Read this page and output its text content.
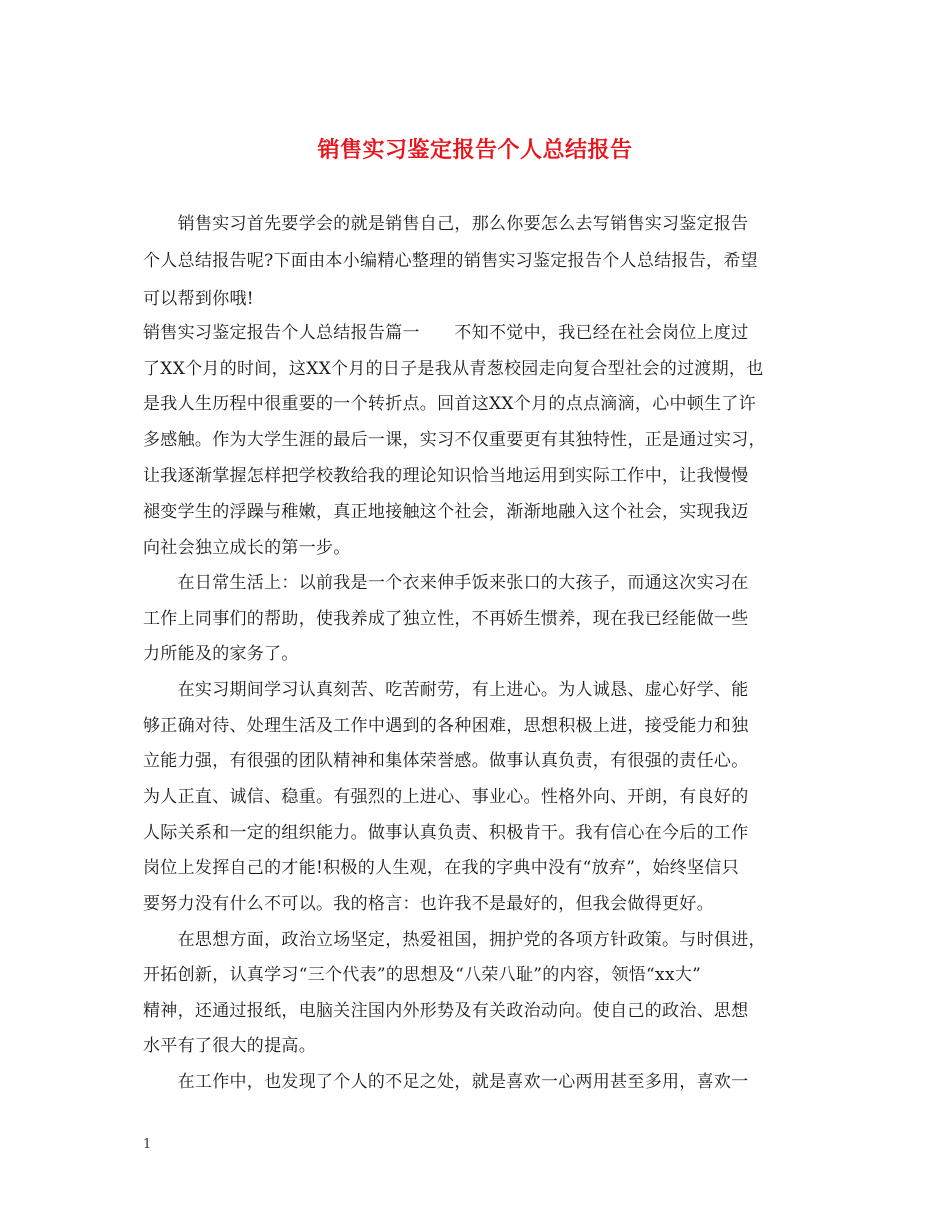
销售实习鉴定报告个人总结报告
　　销售实习首先要学会的就是销售自己，那么你要怎么去写销售实习鉴定报告
个人总结报告呢?下面由本小编精心整理的销售实习鉴定报告个人总结报告，希望
可以帮到你哦!
销售实习鉴定报告个人总结报告篇一　　不知不觉中，我已经在社会岗位上度过
了XX个月的时间，这XX个月的日子是我从青葱校园走向复合型社会的过渡期，也
是我人生历程中很重要的一个转折点。回首这XX个月的点点滴滴，心中顿生了许
多感触。作为大学生涯的最后一课，实习不仅重要更有其独特性，正是通过实习，
让我逐渐掌握怎样把学校教给我的理论知识恰当地运用到实际工作中，让我慢慢
褪变学生的浮躁与稚嫩，真正地接触这个社会，渐渐地融入这个社会，实现我迈
向社会独立成长的第一步。
　　在日常生活上：以前我是一个衣来伸手饭来张口的大孩子，而通这次实习在
工作上同事们的帮助，使我养成了独立性，不再娇生惯养，现在我已经能做一些
力所能及的家务了。
　　在实习期间学习认真刻苦、吃苦耐劳，有上进心。为人诚恳、虚心好学、能
够正确对待、处理生活及工作中遇到的各种困难，思想积极上进，接受能力和独
立能力强，有很强的团队精神和集体荣誉感。做事认真负责，有很强的责任心。
为人正直、诚信、稳重。有强烈的上进心、事业心。性格外向、开朗，有良好的
人际关系和一定的组织能力。做事认真负责、积极肯干。我有信心在今后的工作
岗位上发挥自己的才能!积极的人生观，在我的字典中没有“放弃”，始终坚信只
要努力没有什么不可以。我的格言：也许我不是最好的，但我会做得更好。
　　在思想方面，政治立场坚定，热爱祖国，拥护党的各项方针政策。与时俱进，
开拓创新，认真学习“三个代表”的思想及“八荣八耻”的内容，领悟“xx大”
精神，还通过报纸，电脑关注国内外形势及有关政治动向。使自己的政治、思想
水平有了很大的提高。
　　在工作中，也发现了个人的不足之处，就是喜欢一心两用甚至多用，喜欢一
1
